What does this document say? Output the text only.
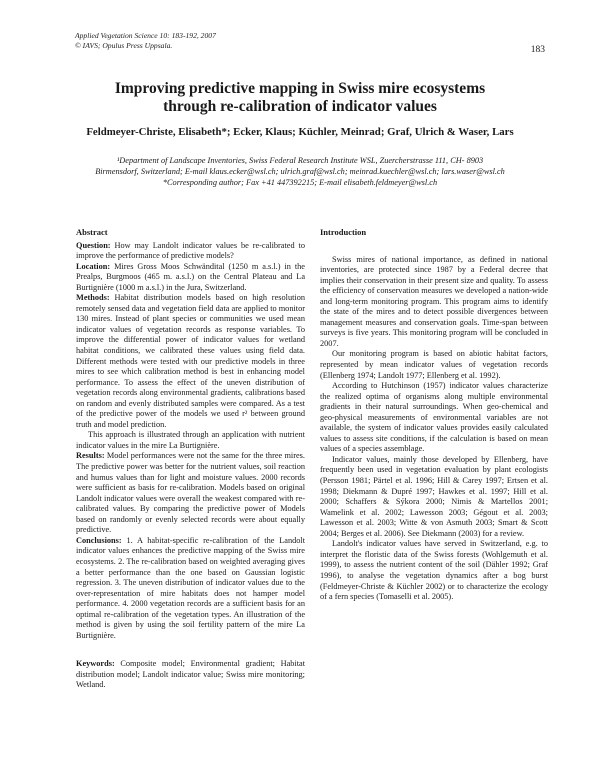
Applied Vegetation Science 10: 183-192, 2007
© IAVS; Opulus Press Uppsala.	183
Improving predictive mapping in Swiss mire ecosystems
through re-calibration of indicator values
Feldmeyer-Christe, Elisabeth*; Ecker, Klaus; Küchler, Meinrad; Graf, Ulrich & Waser, Lars
¹Department of Landscape Inventories, Swiss Federal Research Institute WSL, Zuercherstrasse 111, CH- 8903
Birmensdorf, Switzerland; E-mail klaus.ecker@wsl.ch; ulrich.graf@wsl.ch; meinrad.kuechler@wsl.ch; lars.waser@wsl.ch
*Corresponding author; Fax +41 447392215; E-mail elisabeth.feldmeyer@wsl.ch
Abstract

Question: How may Landolt indicator values be re-calibrated to improve the performance of predictive models?

Location: Mires Gross Moos Schwändital (1250 m a.s.l.) in the Prealps, Burgmoos (465 m. a.s.l.) on the Central Plateau and La Burtignière (1000 m a.s.l.) in the Jura, Switzerland.

Methods: Habitat distribution models based on high resolution remotely sensed data and vegetation field data are applied to monitor 130 mires. Instead of plant species or communities we used mean indicator values of vegetation records as response variables. To improve the differential power of indicator values for wetland habitat conditions, we calibrated these values using field data. Different methods were tested with our predictive models in three mires to see which calibration method is best in enhancing model performance. To assess the effect of the uneven distribution of vegetation records along environmental gradients, calibrations based on random and evenly distributed samples were compared. As a test of the predictive power of the models we used r² between ground truth and model prediction.

This approach is illustrated through an application with nutrient indicator values in the mire La Burtignière.

Results: Model performances were not the same for the three mires. The predictive power was better for the nutrient values, soil reaction and humus values than for light and moisture values. 2000 records were sufficient as basis for re-calibration. Models based on original Landolt indicator values were overall the weakest compared with re-calibrated values. By comparing the predictive power of Models based on randomly or evenly selected records were about equally predictive.

Conclusions: 1. A habitat-specific re-calibration of the Landolt indicator values enhances the predictive mapping of the Swiss mire ecosystems. 2. The re-calibration based on weighted averaging gives a better performance than the one based on Gaussian logistic regression. 3. The uneven distribution of indicator values due to the over-representation of mire habitats does not hamper model performance. 4. 2000 vegetation records are a sufficient basis for an optimal re-calibration of the vegetation types. An illustration of the method is given by using the soil fertility pattern of the mire La Burtignière.

Keywords: Composite model; Environmental gradient; Habitat distribution model; Landolt indicator value; Swiss mire monitoring; Wetland.

Introduction

Swiss mires of national importance, as defined in national inventories, are protected since 1987 by a Federal decree that implies their conservation in their present size and quality. To assess the efficiency of conservation measures we developed a nation-wide and long-term monitoring program. This program aims to identify the state of the mires and to detect possible divergences between management measures and conservation goals. Time-span between surveys is five years. This monitoring program will be concluded in 2007.

Our monitoring program is based on abiotic habitat factors, represented by mean indicator values of vegetation records (Ellenberg 1974; Landolt 1977; Ellenberg et al. 1992).

According to Hutchinson (1957) indicator values characterize the realized optima of organisms along multiple environmental gradients in their natural surroundings. When geo-chemical and geo-physical measurements of environmental variables are not available, the system of indicator values provides easily calculated values to assess site conditions, if the calculation is based on mean values of a species assemblage.

Indicator values, mainly those developed by Ellenberg, have frequently been used in vegetation evaluation by plant ecologists (Persson 1981; Pärtel et al. 1996; Hill & Carey 1997; Ertsen et al. 1998; Diekmann & Dupré 1997; Hawkes et al. 1997; Hill et al. 2000; Schaffers & Sýkora 2000; Nimis & Martellos 2001; Wamelink et al. 2002; Lawesson 2003; Gégout et al. 2003; Lawesson et al. 2003; Witte & von Asmuth 2003; Smart & Scott 2004; Berges et al. 2006). See Diekmann (2003) for a review.

Landolt's indicator values have served in Switzerland, e.g. to interpret the floristic data of the Swiss forests (Wohlgemuth et al. 1999), to assess the nutrient content of the soil (Dähler 1992; Graf 1996), to analyse the vegetation dynamics after a bog burst (Feldmeyer-Christe & Küchler 2002) or to characterize the ecology of a fern species (Tomaselli et al. 2005).
